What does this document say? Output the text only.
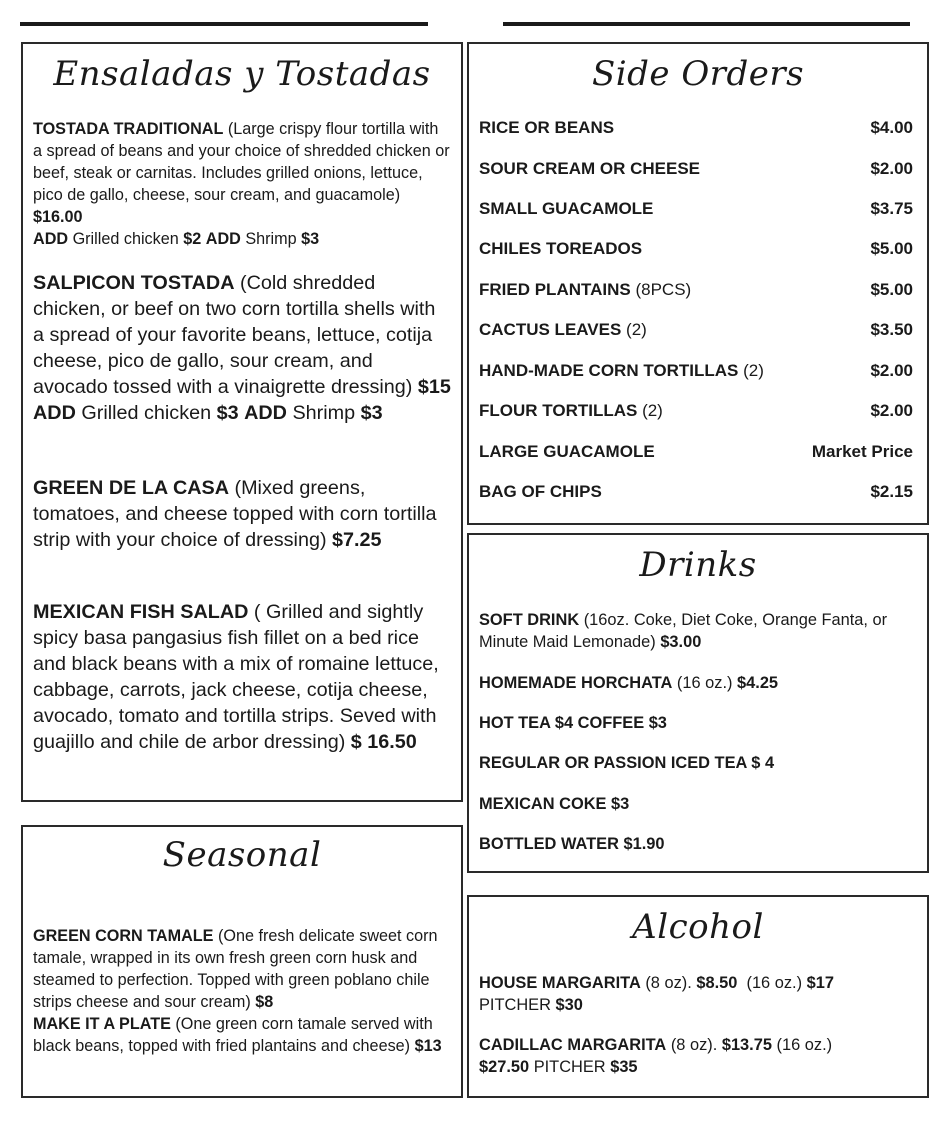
Ensaladas y Tostadas
TOSTADA TRADITIONAL (Large crispy flour tortilla with a spread of beans and your choice of shredded chicken or beef, steak or carnitas. Includes grilled onions, lettuce, pico de gallo, cheese, sour cream, and guacamole) $16.00
ADD Grilled chicken $2 ADD Shrimp $3
SALPICON TOSTADA (Cold shredded chicken, or beef on two corn tortilla shells with a spread of your favorite beans, lettuce, cotija cheese, pico de gallo, sour cream, and avocado tossed with a vinaigrette dressing) $15
ADD Grilled chicken $3 ADD Shrimp $3
GREEN DE LA CASA (Mixed greens, tomatoes, and cheese topped with corn tortilla strip with your choice of dressing) $7.25
MEXICAN FISH SALAD ( Grilled and sightly spicy basa pangasius fish fillet on a bed rice and black beans with a mix of romaine lettuce, cabbage, carrots, jack cheese, cotija cheese, avocado, tomato and tortilla strips. Seved with guajillo and chile de arbor dressing) $ 16.50
Seasonal
GREEN CORN TAMALE (One fresh delicate sweet corn tamale, wrapped in its own fresh green corn husk and steamed to perfection. Topped with green poblano chile strips cheese and sour cream) $8
MAKE IT A PLATE (One green corn tamale served with black beans, topped with fried plantains and cheese) $13
Side Orders
RICE OR BEANS	$4.00
SOUR CREAM OR CHEESE	$2.00
SMALL GUACAMOLE	$3.75
CHILES TOREADOS	$5.00
FRIED PLANTAINS (8PCS)	$5.00
CACTUS LEAVES (2)	$3.50
HAND-MADE CORN TORTILLAS (2)	$2.00
FLOUR TORTILLAS (2)	$2.00
LARGE GUACAMOLE	Market Price
BAG OF CHIPS	$2.15
Drinks
SOFT DRINK (16oz. Coke, Diet Coke, Orange Fanta, or Minute Maid Lemonade) $3.00
HOMEMADE HORCHATA (16 oz.) $4.25
HOT TEA $4 COFFEE $3
REGULAR OR PASSION ICED TEA $ 4
MEXICAN COKE $3
BOTTLED WATER $1.90
Alcohol
HOUSE MARGARITA (8 oz). $8.50  (16 oz.) $17
PITCHER $30
CADILLAC MARGARITA (8 oz). $13.75 (16 oz.)
$27.50 PITCHER $35
